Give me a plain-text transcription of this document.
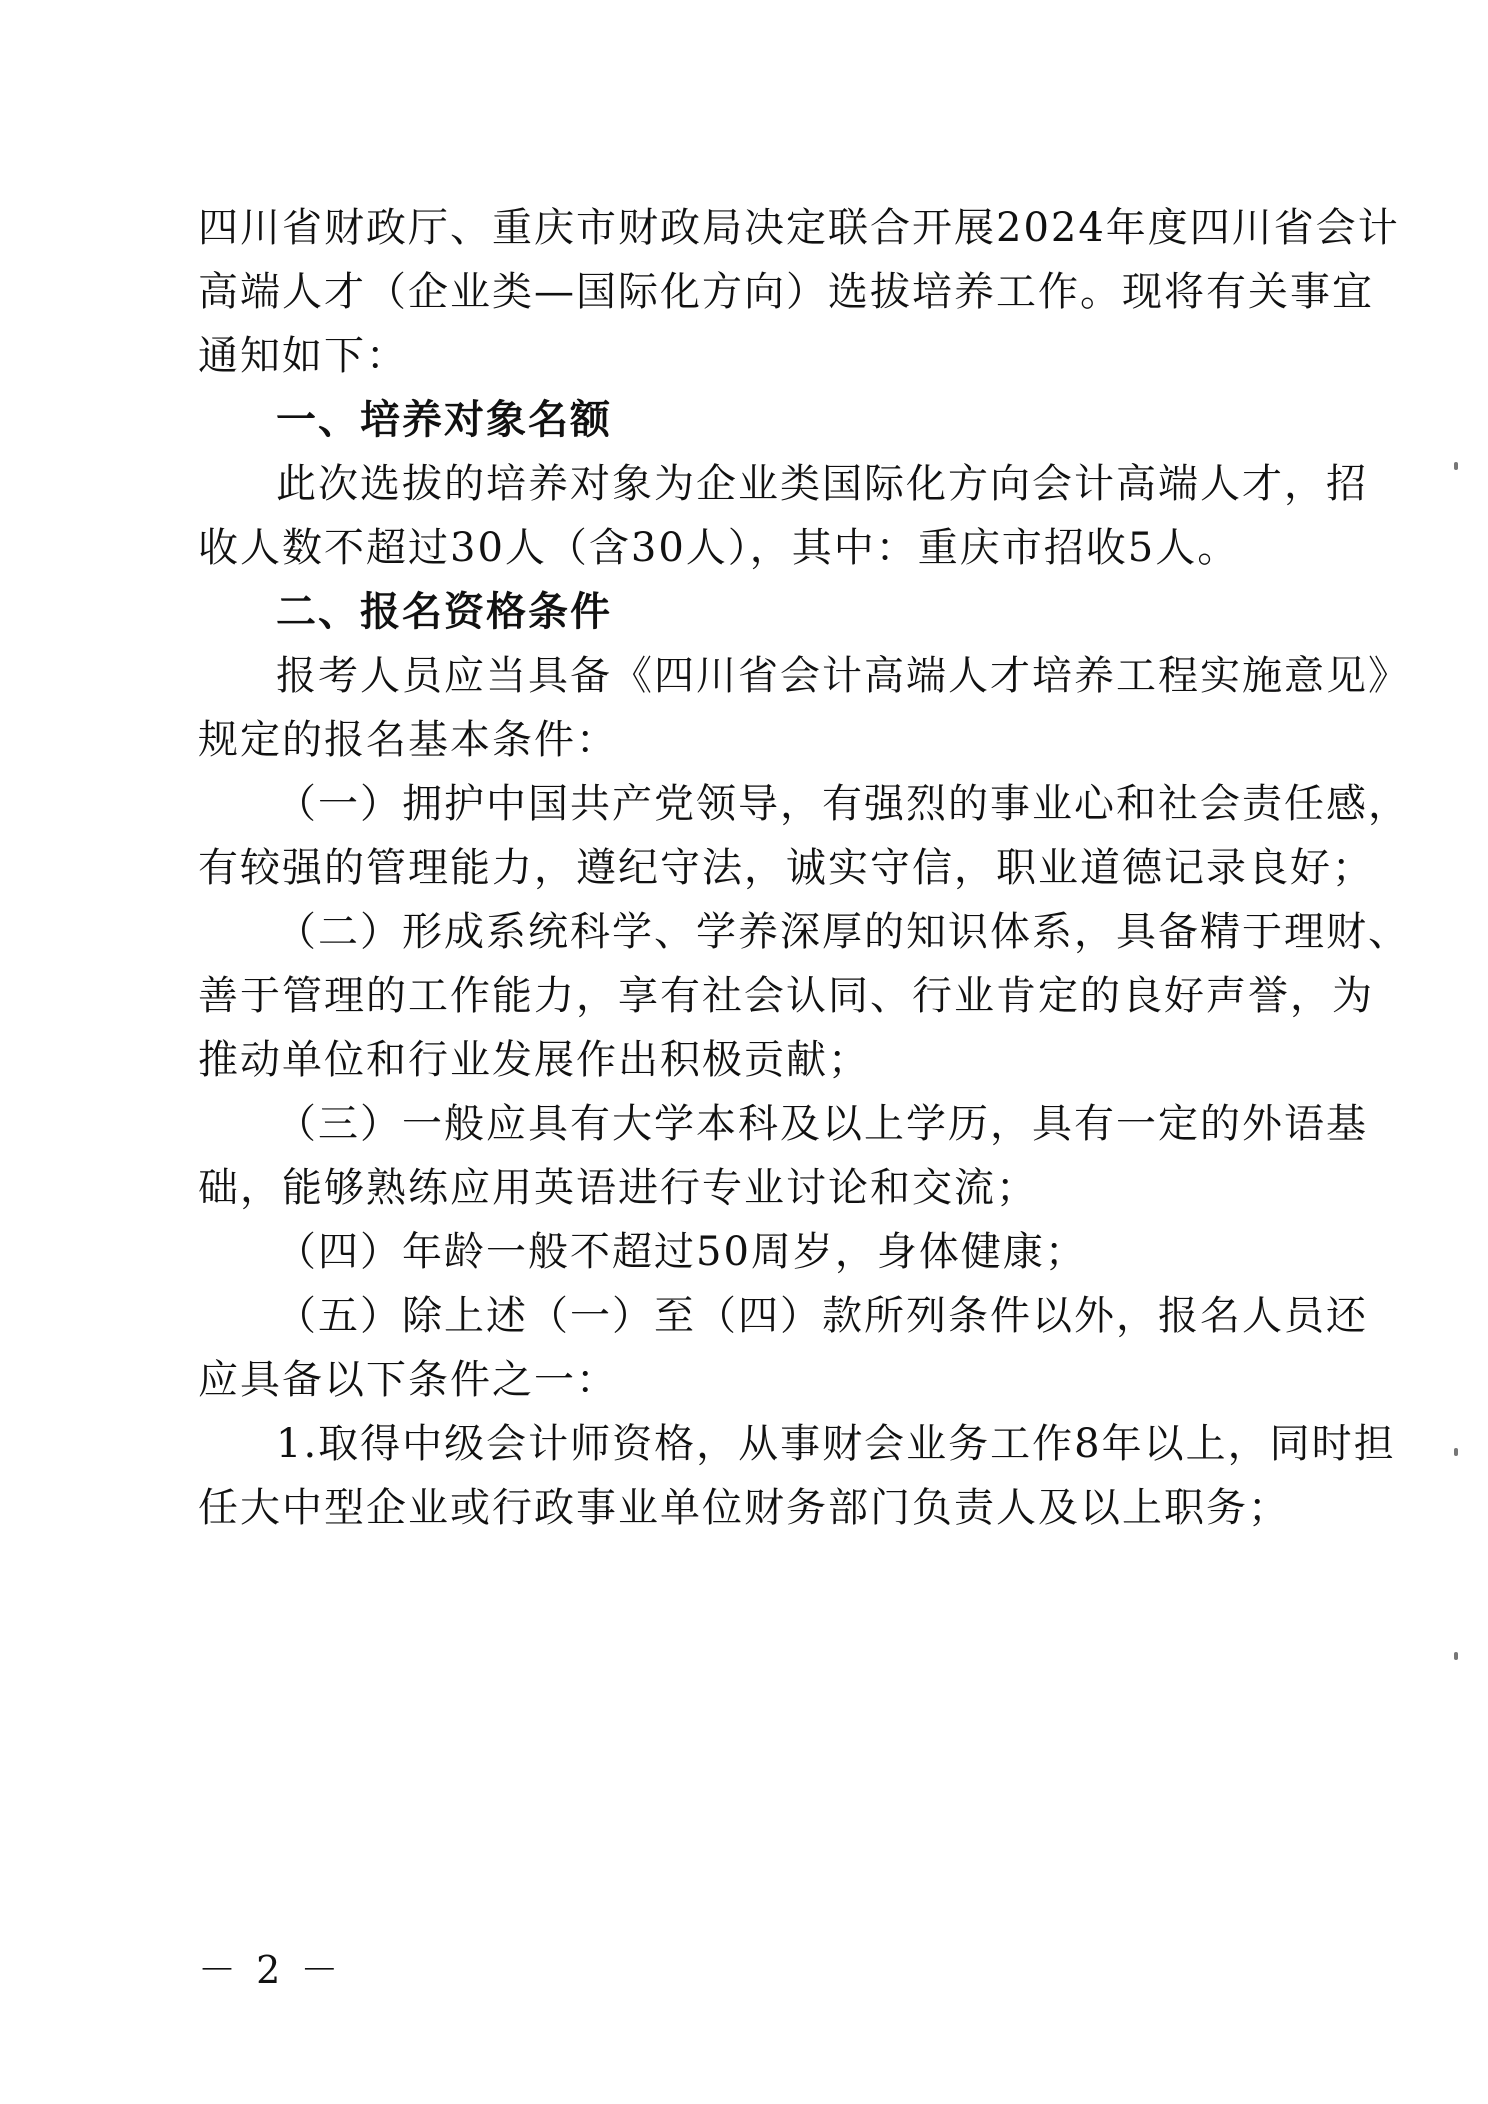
四川省财政厅、重庆市财政局决定联合开展2024年度四川省会计
高端人才（企业类—国际化方向）选拔培养工作。现将有关事宜
通知如下：
一、培养对象名额
此次选拔的培养对象为企业类国际化方向会计高端人才，招
收人数不超过30人（含30人），其中：重庆市招收5人。
二、报名资格条件
报考人员应当具备《四川省会计高端人才培养工程实施意见》
规定的报名基本条件：
（一）拥护中国共产党领导，有强烈的事业心和社会责任感，
有较强的管理能力，遵纪守法，诚实守信，职业道德记录良好；
（二）形成系统科学、学养深厚的知识体系，具备精于理财、
善于管理的工作能力，享有社会认同、行业肯定的良好声誉，为
推动单位和行业发展作出积极贡献；
（三）一般应具有大学本科及以上学历，具有一定的外语基
础，能够熟练应用英语进行专业讨论和交流；
（四）年龄一般不超过50周岁，身体健康；
（五）除上述（一）至（四）款所列条件以外，报名人员还
应具备以下条件之一：
1.取得中级会计师资格，从事财会业务工作8年以上，同时担
任大中型企业或行政事业单位财务部门负责人及以上职务；
－ 2 －
